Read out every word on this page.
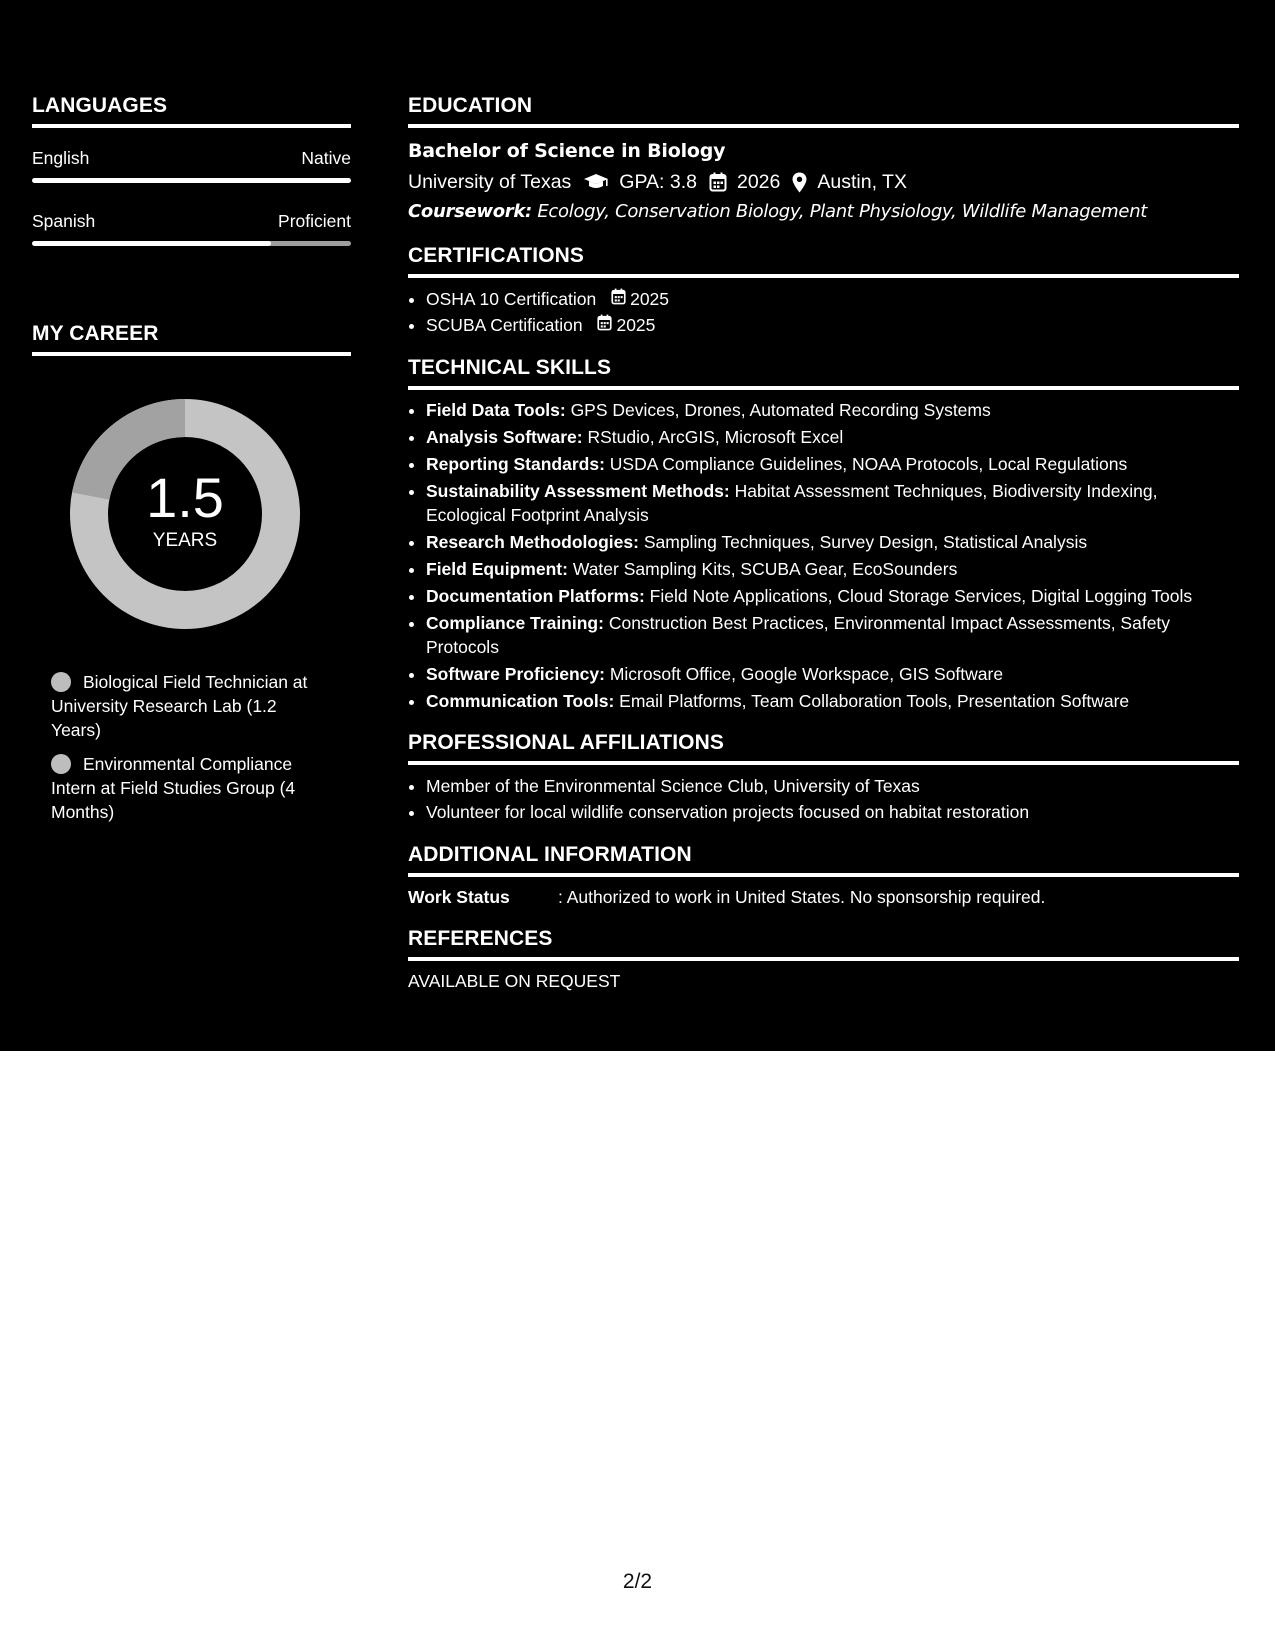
LANGUAGES
English	Native
Spanish	Proficient
MY CAREER
1.5
YEARS
Biological Field Technician at University Research Lab (1.2 Years)
Environmental Compliance Intern at Field Studies Group (4 Months)
EDUCATION
Bachelor of Science in Biology
University of Texas GPA: 3.8 2026 Austin, TX
Coursework: Ecology, Conservation Biology, Plant Physiology, Wildlife Management
CERTIFICATIONS
• OSHA 10 Certification 2025
• SCUBA Certification 2025
TECHNICAL SKILLS
• Field Data Tools: GPS Devices, Drones, Automated Recording Systems
• Analysis Software: RStudio, ArcGIS, Microsoft Excel
• Reporting Standards: USDA Compliance Guidelines, NOAA Protocols, Local Regulations
• Sustainability Assessment Methods: Habitat Assessment Techniques, Biodiversity Indexing, Ecological Footprint Analysis
• Research Methodologies: Sampling Techniques, Survey Design, Statistical Analysis
• Field Equipment: Water Sampling Kits, SCUBA Gear, EcoSounders
• Documentation Platforms: Field Note Applications, Cloud Storage Services, Digital Logging Tools
• Compliance Training: Construction Best Practices, Environmental Impact Assessments, Safety Protocols
• Software Proficiency: Microsoft Office, Google Workspace, GIS Software
• Communication Tools: Email Platforms, Team Collaboration Tools, Presentation Software
PROFESSIONAL AFFILIATIONS
• Member of the Environmental Science Club, University of Texas
• Volunteer for local wildlife conservation projects focused on habitat restoration
ADDITIONAL INFORMATION
Work Status	: Authorized to work in United States. No sponsorship required.
REFERENCES
AVAILABLE ON REQUEST
2/2
